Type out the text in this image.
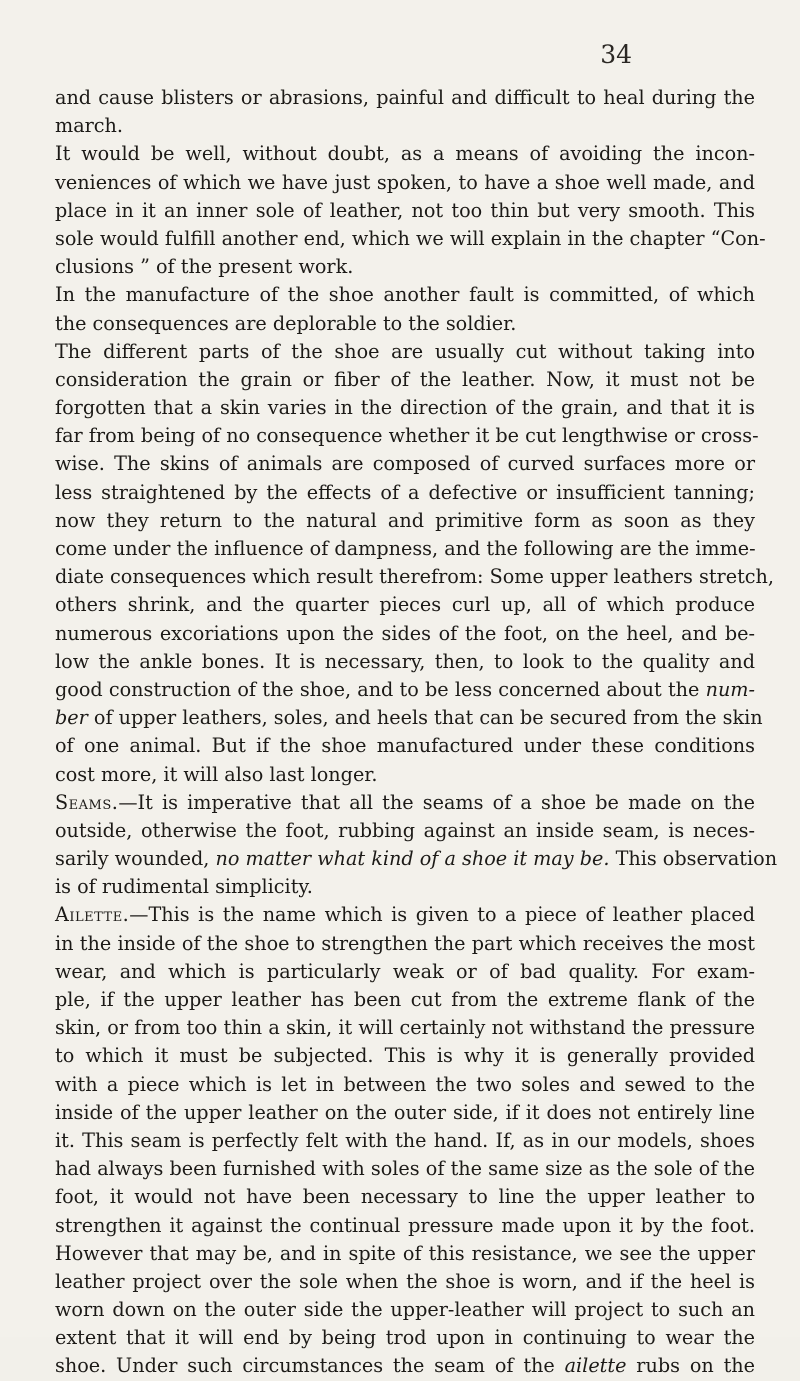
34
and cause blisters or abrasions, painful and difficult to heal during the
march.
It would be well, without doubt, as a means of avoiding the incon-
veniences of which we have just spoken, to have a shoe well made, and
place in it an inner sole of leather, not too thin but very smooth. This
sole would fulfill another end, which we will explain in the chapter “Con-
clusions ” of the present work.
In the manufacture of the shoe another fault is committed, of which
the consequences are deplorable to the soldier.
The different parts of the shoe are usually cut without taking into
consideration the grain or fiber of the leather. Now, it must not be
forgotten that a skin varies in the direction of the grain, and that it is
far from being of no consequence whether it be cut lengthwise or cross-
wise. The skins of animals are composed of curved surfaces more or
less straightened by the effects of a defective or insufficient tanning;
now they return to the natural and primitive form as soon as they
come under the influence of dampness, and the following are the imme-
diate consequences which result therefrom: Some upper leathers stretch,
others shrink, and the quarter pieces curl up, all of which produce
numerous excoriations upon the sides of the foot, on the heel, and be-
low the ankle bones. It is necessary, then, to look to the quality and
good construction of the shoe, and to be less concerned about the num-
ber of upper leathers, soles, and heels that can be secured from the skin
of one animal. But if the shoe manufactured under these conditions
cost more, it will also last longer.
Seams.—It is imperative that all the seams of a shoe be made on the
outside, otherwise the foot, rubbing against an inside seam, is neces-
sarily wounded, no matter what kind of a shoe it may be. This observation
is of rudimental simplicity.
Ailette.—This is the name which is given to a piece of leather placed
in the inside of the shoe to strengthen the part which receives the most
wear, and which is particularly weak or of bad quality. For exam-
ple, if the upper leather has been cut from the extreme flank of the
skin, or from too thin a skin, it will certainly not withstand the pressure
to which it must be subjected. This is why it is generally provided
with a piece which is let in between the two soles and sewed to the
inside of the upper leather on the outer side, if it does not entirely line
it. This seam is perfectly felt with the hand. If, as in our models, shoes
had always been furnished with soles of the same size as the sole of the
foot, it would not have been necessary to line the upper leather to
strengthen it against the continual pressure made upon it by the foot.
However that may be, and in spite of this resistance, we see the upper
leather project over the sole when the shoe is worn, and if the heel is
worn down on the outer side the upper-leather will project to such an
extent that it will end by being trod upon in continuing to wear the
shoe. Under such circumstances the seam of the ailette rubs on the
